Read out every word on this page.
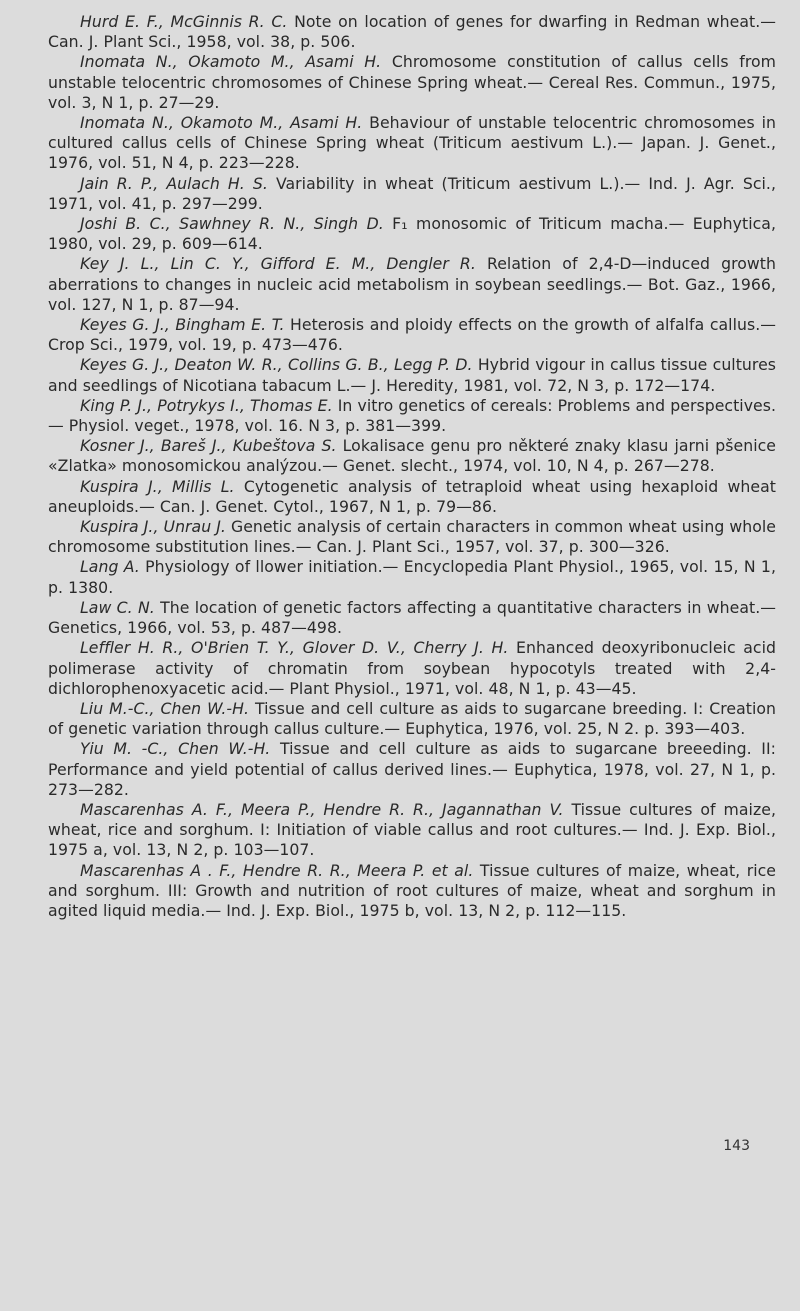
Hurd E. F., McGinnis R. C. Note on location of genes for dwarfing in Redman wheat.— Can. J. Plant Sci., 1958, vol. 38, p. 506.

Inomata N., Okamoto M., Asami H. Chromosome constitution of callus cells from unstable telocentric chromosomes of Chinese Spring wheat.— Cereal Res. Commun., 1975, vol. 3, N 1, p. 27—29.

Inomata N., Okamoto M., Asami H. Behaviour of unstable telocentric chromosomes in cultured callus cells of Chinese Spring wheat (Triticum aestivum L.).— Japan. J. Genet., 1976, vol. 51, N 4, p. 223—228.

Jain R. P., Aulach H. S. Variability in wheat (Triticum aestivum L.).— Ind. J. Agr. Sci., 1971, vol. 41, p. 297—299.

Joshi B. C., Sawhney R. N., Singh D. F₁ monosomic of Triticum macha.— Euphytica, 1980, vol. 29, p. 609—614.

Key J. L., Lin C. Y., Gifford E. M., Dengler R. Relation of 2,4-D—induced growth aberrations to changes in nucleic acid metabolism in soybean seedlings.— Bot. Gaz., 1966, vol. 127, N 1, p. 87—94.

Keyes G. J., Bingham E. T. Heterosis and ploidy effects on the growth of alfalfa callus.— Crop Sci., 1979, vol. 19, p. 473—476.

Keyes G. J., Deaton W. R., Collins G. B., Legg P. D. Hybrid vigour in callus tissue cultures and seedlings of Nicotiana tabacum L.— J. Heredity, 1981, vol. 72, N 3, p. 172—174.

King P. J., Potrykys I., Thomas E. In vitro genetics of cereals: Problems and perspectives.— Physiol. veget., 1978, vol. 16. N 3, p. 381—399.

Kosner J., Bareš J., Kubeštova S. Lokalisace genu pro některé znaky klasu jarni pšenice «Zlatka» monosomickou analýzou.— Genet. slecht., 1974, vol. 10, N 4, p. 267—278.

Kuspira J., Millis L. Cytogenetic analysis of tetraploid wheat using hexaploid wheat aneuploids.— Can. J. Genet. Cytol., 1967, N 1, p. 79—86.

Kuspira J., Unrau J. Genetic analysis of certain characters in common wheat using whole chromosome substitution lines.— Can. J. Plant Sci., 1957, vol. 37, p. 300—326.

Lang A. Physiology of llower initiation.— Encyclopedia Plant Physiol., 1965, vol. 15, N 1, p. 1380.

Law C. N. The location of genetic factors affecting a quantitative characters in wheat.— Genetics, 1966, vol. 53, p. 487—498.

Leffler H. R., O'Brien T. Y., Glover D. V., Cherry J. H. Enhanced deoxyribonucleic acid polimerase activity of chromatin from soybean hypocotyls treated with 2,4-dichlorophenoxyacetic acid.— Plant Physiol., 1971, vol. 48, N 1, p. 43—45.

Liu M.-C., Chen W.-H. Tissue and cell culture as aids to sugarcane breeding. I: Creation of genetic variation through callus culture.— Euphytica, 1976, vol. 25, N 2. p. 393—403.

Yiu M. -C., Chen W.-H. Tissue and cell culture as aids to sugarcane breeeding. II: Performance and yield potential of callus derived lines.— Euphytica, 1978, vol. 27, N 1, p. 273—282.

Mascarenhas A. F., Meera P., Hendre R. R., Jagannathan V. Tissue cultures of maize, wheat, rice and sorghum. I: Initiation of viable callus and root cultures.— Ind. J. Exp. Biol., 1975 a, vol. 13, N 2, p. 103—107.

Mascarenhas A . F., Hendre R. R., Meera P. et al. Tissue cultures of maize, wheat, rice and sorghum. III: Growth and nutrition of root cultures of maize, wheat and sorghum in agited liquid media.— Ind. J. Exp. Biol., 1975 b, vol. 13, N 2, p. 112—115.

143
